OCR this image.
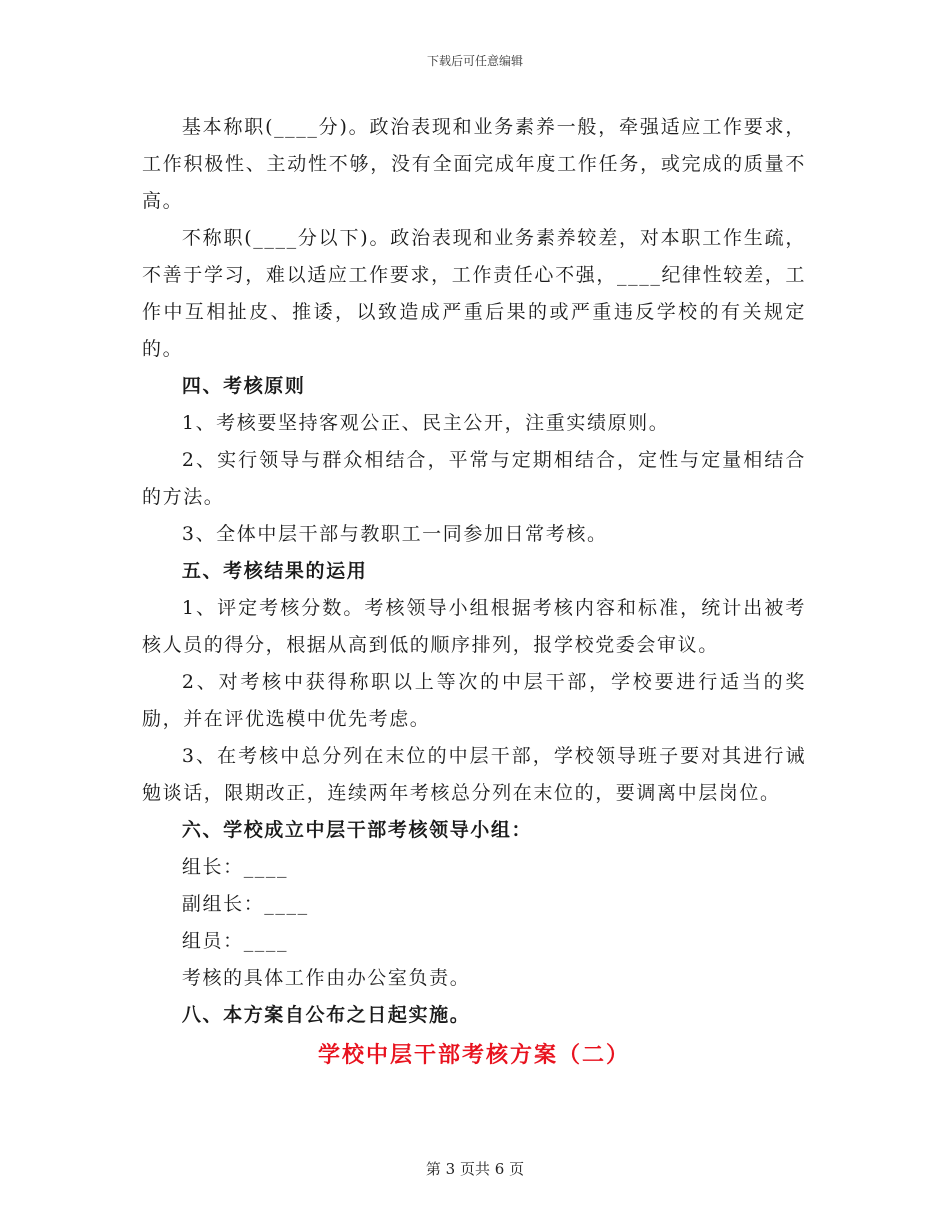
下载后可任意编辑

基本称职(____分)。政治表现和业务素养一般，牵强适应工作要求，工作积极性、主动性不够，没有全面完成年度工作任务，或完成的质量不高。

不称职(____分以下)。政治表现和业务素养较差，对本职工作生疏，不善于学习，难以适应工作要求，工作责任心不强，____纪律性较差，工作中互相扯皮、推诿，以致造成严重后果的或严重违反学校的有关规定的。

四、考核原则

1、考核要坚持客观公正、民主公开，注重实绩原则。

2、实行领导与群众相结合，平常与定期相结合，定性与定量相结合的方法。

3、全体中层干部与教职工一同参加日常考核。

五、考核结果的运用

1、评定考核分数。考核领导小组根据考核内容和标准，统计出被考核人员的得分，根据从高到低的顺序排列，报学校党委会审议。

2、对考核中获得称职以上等次的中层干部，学校要进行适当的奖励，并在评优选模中优先考虑。

3、在考核中总分列在末位的中层干部，学校领导班子要对其进行诫勉谈话，限期改正，连续两年考核总分列在末位的，要调离中层岗位。

六、学校成立中层干部考核领导小组：

组长：____

副组长：____

组员：____

考核的具体工作由办公室负责。

八、本方案自公布之日起实施。

学校中层干部考核方案（二）

第 3 页共 6 页
